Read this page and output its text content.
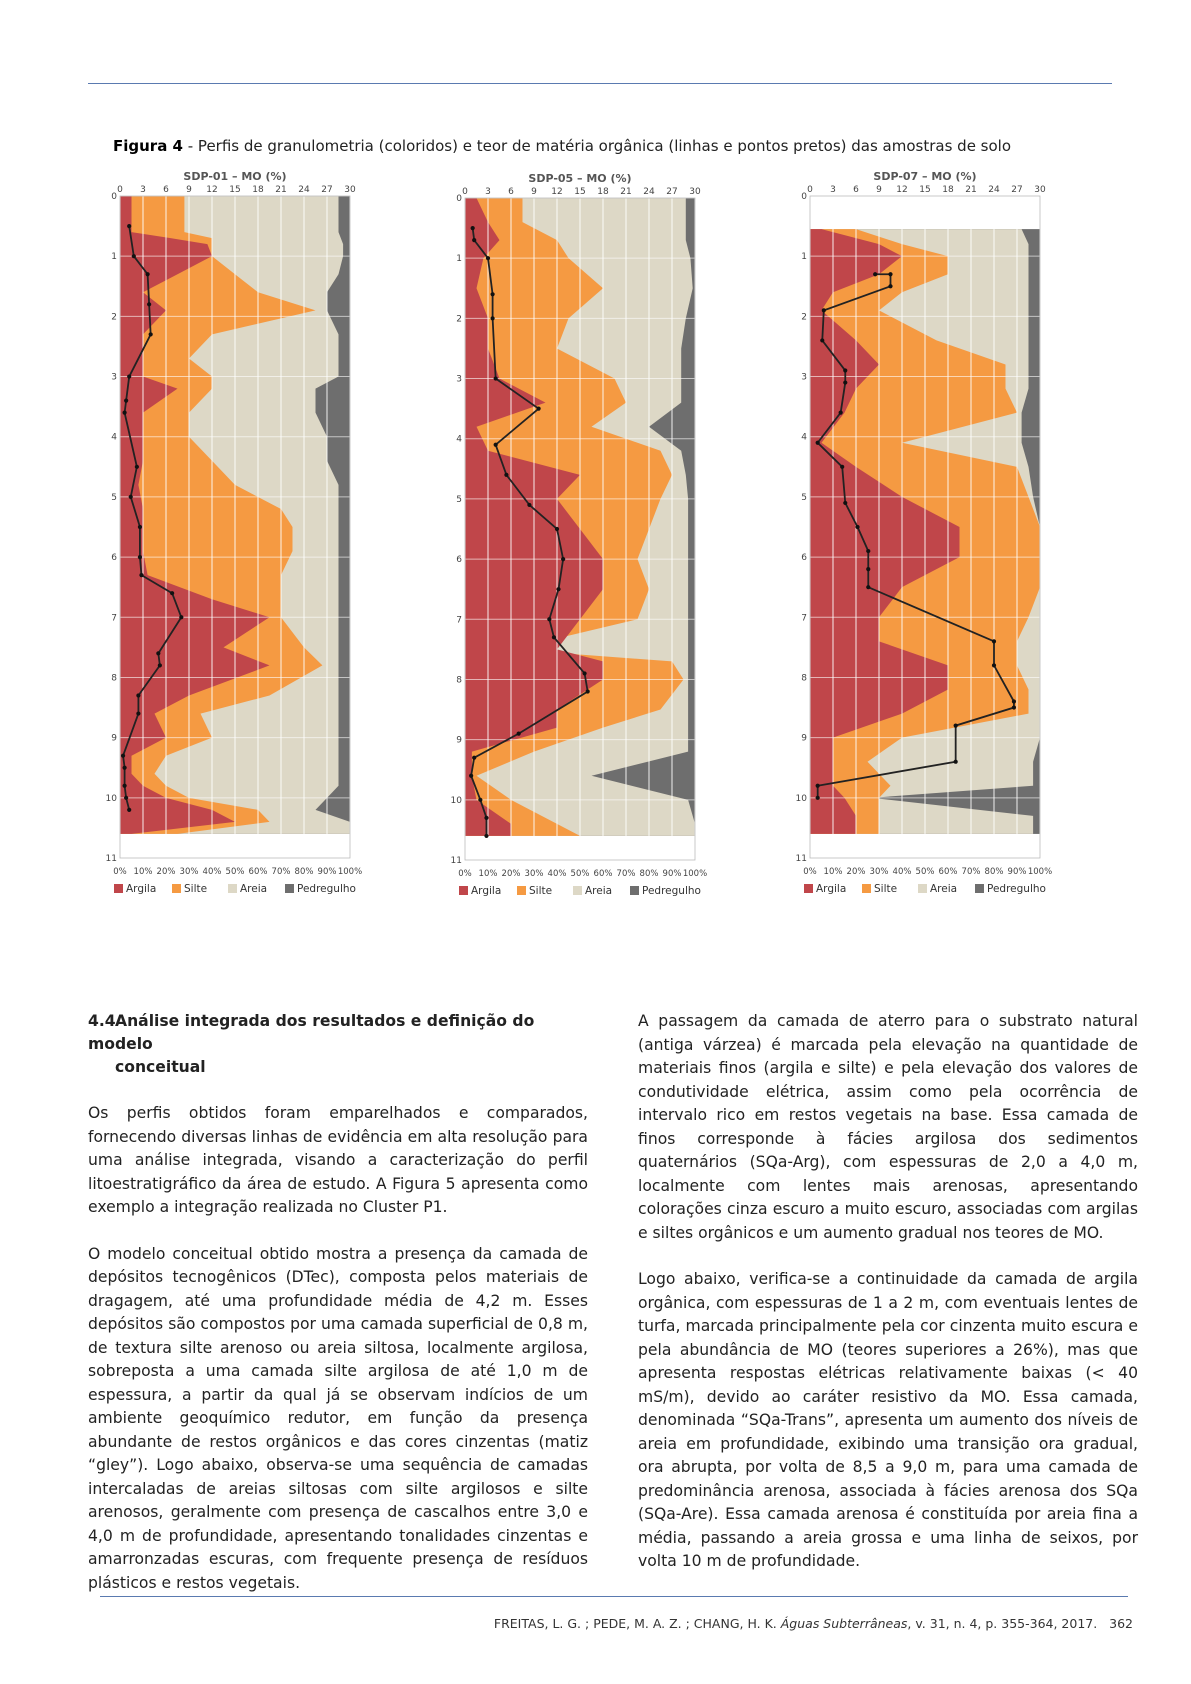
Figura 4 - Perfis de granulometria (coloridos) e teor de matéria orgânica (linhas e pontos pretos) das amostras de solo
SDP-01 – MO (%)
0 3 6 9 12 15 18 21 24 27 30
0
1
2
3
4
5
6
7
8
9
10
11
0% 10% 20% 30% 40% 50% 60% 70% 80% 90% 100%
Argila	Silte	Areia	Pedregulho
SDP-05 – MO (%)
0 3 6 9 12 15 18 21 24 27 30
0
1
2
3
4
5
6
7
8
9
10
11
0% 10% 20% 30% 40% 50% 60% 70% 80% 90% 100%
Argila	Silte	Areia	Pedregulho
SDP-07 – MO (%)
0 3 6 9 12 15 18 21 24 27 30
0
1
2
3
4
5
6
7
8
9
10
11
0% 10% 20% 30% 40% 50% 60% 70% 80% 90% 100%
Argila	Silte	Areia	Pedregulho
4.4Análise integrada dos resultados e definição do modelo
conceitual

Os perfis obtidos foram emparelhados e comparados, fornecendo diversas linhas de evidência em alta resolução para uma análise integrada, visando a caracterização do perfil litoestratigráfico da área de estudo. A Figura 5 apresenta como exemplo a integração realizada no Cluster P1.

O modelo conceitual obtido mostra a presença da camada de depósitos tecnogênicos (DTec), composta pelos materiais de dragagem, até uma profundidade média de 4,2 m. Esses depósitos são compostos por uma camada superficial de 0,8 m, de textura silte arenoso ou areia siltosa, localmente argilosa, sobreposta a uma camada silte argilosa de até 1,0 m de espessura, a partir da qual já se observam indícios de um ambiente geoquímico redutor, em função da presença abundante de restos orgânicos e das cores cinzentas (matiz “gley”). Logo abaixo, observa-se uma sequência de camadas intercaladas de areias siltosas com silte argilosos e silte arenosos, geralmente com presença de cascalhos entre 3,0 e 4,0 m de profundidade, apresentando tonalidades cinzentas e amarronzadas escuras, com frequente presença de resíduos plásticos e restos vegetais.

A passagem da camada de aterro para o substrato natural (antiga várzea) é marcada pela elevação na quantidade de materiais finos (argila e silte) e pela elevação dos valores de condutividade elétrica, assim como pela ocorrência de intervalo rico em restos vegetais na base. Essa camada de finos corresponde à fácies argilosa dos sedimentos quaternários (SQa-Arg), com espessuras de 2,0 a 4,0 m, localmente com lentes mais arenosas, apresentando colorações cinza escuro a muito escuro, associadas com argilas e siltes orgânicos e um aumento gradual nos teores de MO.

Logo abaixo, verifica-se a continuidade da camada de argila orgânica, com espessuras de 1 a 2 m, com eventuais lentes de turfa, marcada principalmente pela cor cinzenta muito escura e pela abundância de MO (teores superiores a 26%), mas que apresenta respostas elétricas relativamente baixas (< 40 mS/m), devido ao caráter resistivo da MO. Essa camada, denominada “SQa-Trans”, apresenta um aumento dos níveis de areia em profundidade, exibindo uma transição ora gradual, ora abrupta, por volta de 8,5 a 9,0 m, para uma camada de predominância arenosa, associada à fácies arenosa dos SQa (SQa-Are). Essa camada arenosa é constituída por areia fina a média, passando a areia grossa e uma linha de seixos, por volta 10 m de profundidade.

FREITAS, L. G. ; PEDE, M. A. Z. ; CHANG, H. K. Águas Subterrâneas, v. 31, n. 4, p. 355-364, 2017. 362
